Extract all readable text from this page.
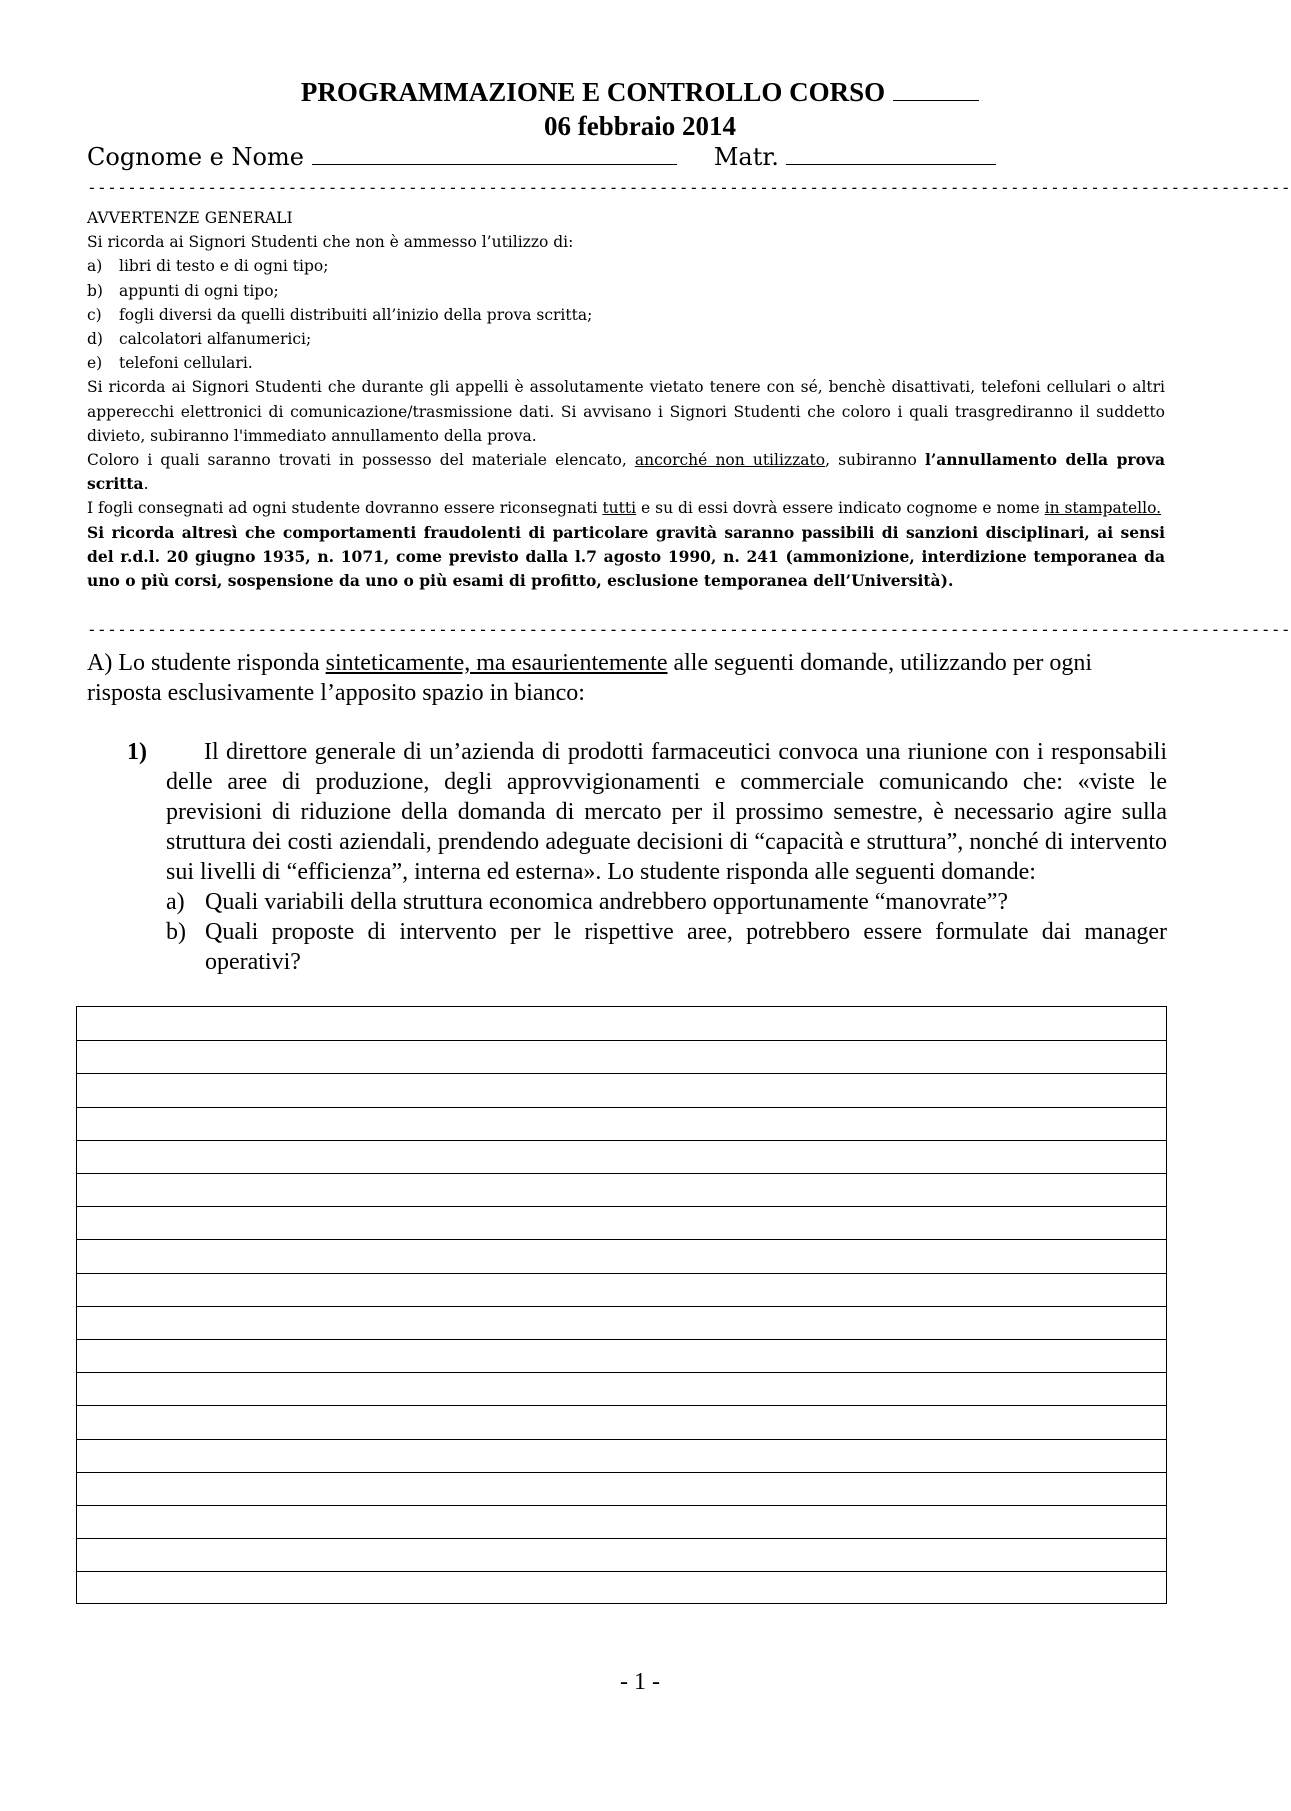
PROGRAMMAZIONE E CONTROLLO CORSO
06 febbraio 2014
Cognome e Nome	Matr.
------------------------------------------------------------------------------------------------------------------------

AVVERTENZE GENERALI

Si ricorda ai Signori Studenti che non è ammesso l’utilizzo di:

a) libri di testo e di ogni tipo;

b) appunti di ogni tipo;

c) fogli diversi da quelli distribuiti all’inizio della prova scritta;

d) calcolatori alfanumerici;

e) telefoni cellulari.

Si ricorda ai Signori Studenti che durante gli appelli è assolutamente vietato tenere con sé, benchè disattivati, telefoni cellulari o altri apperecchi elettronici di comunicazione/trasmissione dati. Si avvisano i Signori Studenti che coloro i quali trasgrediranno il suddetto divieto, subiranno l'immediato annullamento della prova.

Coloro i quali saranno trovati in possesso del materiale elencato, ancorché non utilizzato, subiranno l’annullamento della prova scritta.

I fogli consegnati ad ogni studente dovranno essere riconsegnati tutti e su di essi dovrà essere indicato cognome e nome in stampatello.

Si ricorda altresì che comportamenti fraudolenti di particolare gravità saranno passibili di sanzioni disciplinari, ai sensi del r.d.l. 20 giugno 1935, n. 1071, come previsto dalla l.7 agosto 1990, n. 241 (ammonizione, interdizione temporanea da uno o più corsi, sospensione da uno o più esami di profitto, esclusione temporanea dell’Università).

------------------------------------------------------------------------------------------------------------------------
A) Lo studente risponda sinteticamente, ma esaurientemente alle seguenti domande, utilizzando per ogni risposta esclusivamente l’apposito spazio in bianco:
1)	Il direttore generale di un’azienda di prodotti farmaceutici convoca una riunione con i responsabili delle aree di produzione, degli approvvigionamenti e commerciale comunicando che: «viste le previsioni di riduzione della domanda di mercato per il prossimo semestre, è necessario agire sulla struttura dei costi aziendali, prendendo adeguate decisioni di “capacità e struttura”, nonché di intervento sui livelli di “efficienza”, interna ed esterna». Lo studente risponda alle seguenti domande:
a) Quali variabili della struttura economica andrebbero opportunamente “manovrate”?
b) Quali proposte di intervento per le rispettive aree, potrebbero essere formulate dai manager operativi?
- 1 -
